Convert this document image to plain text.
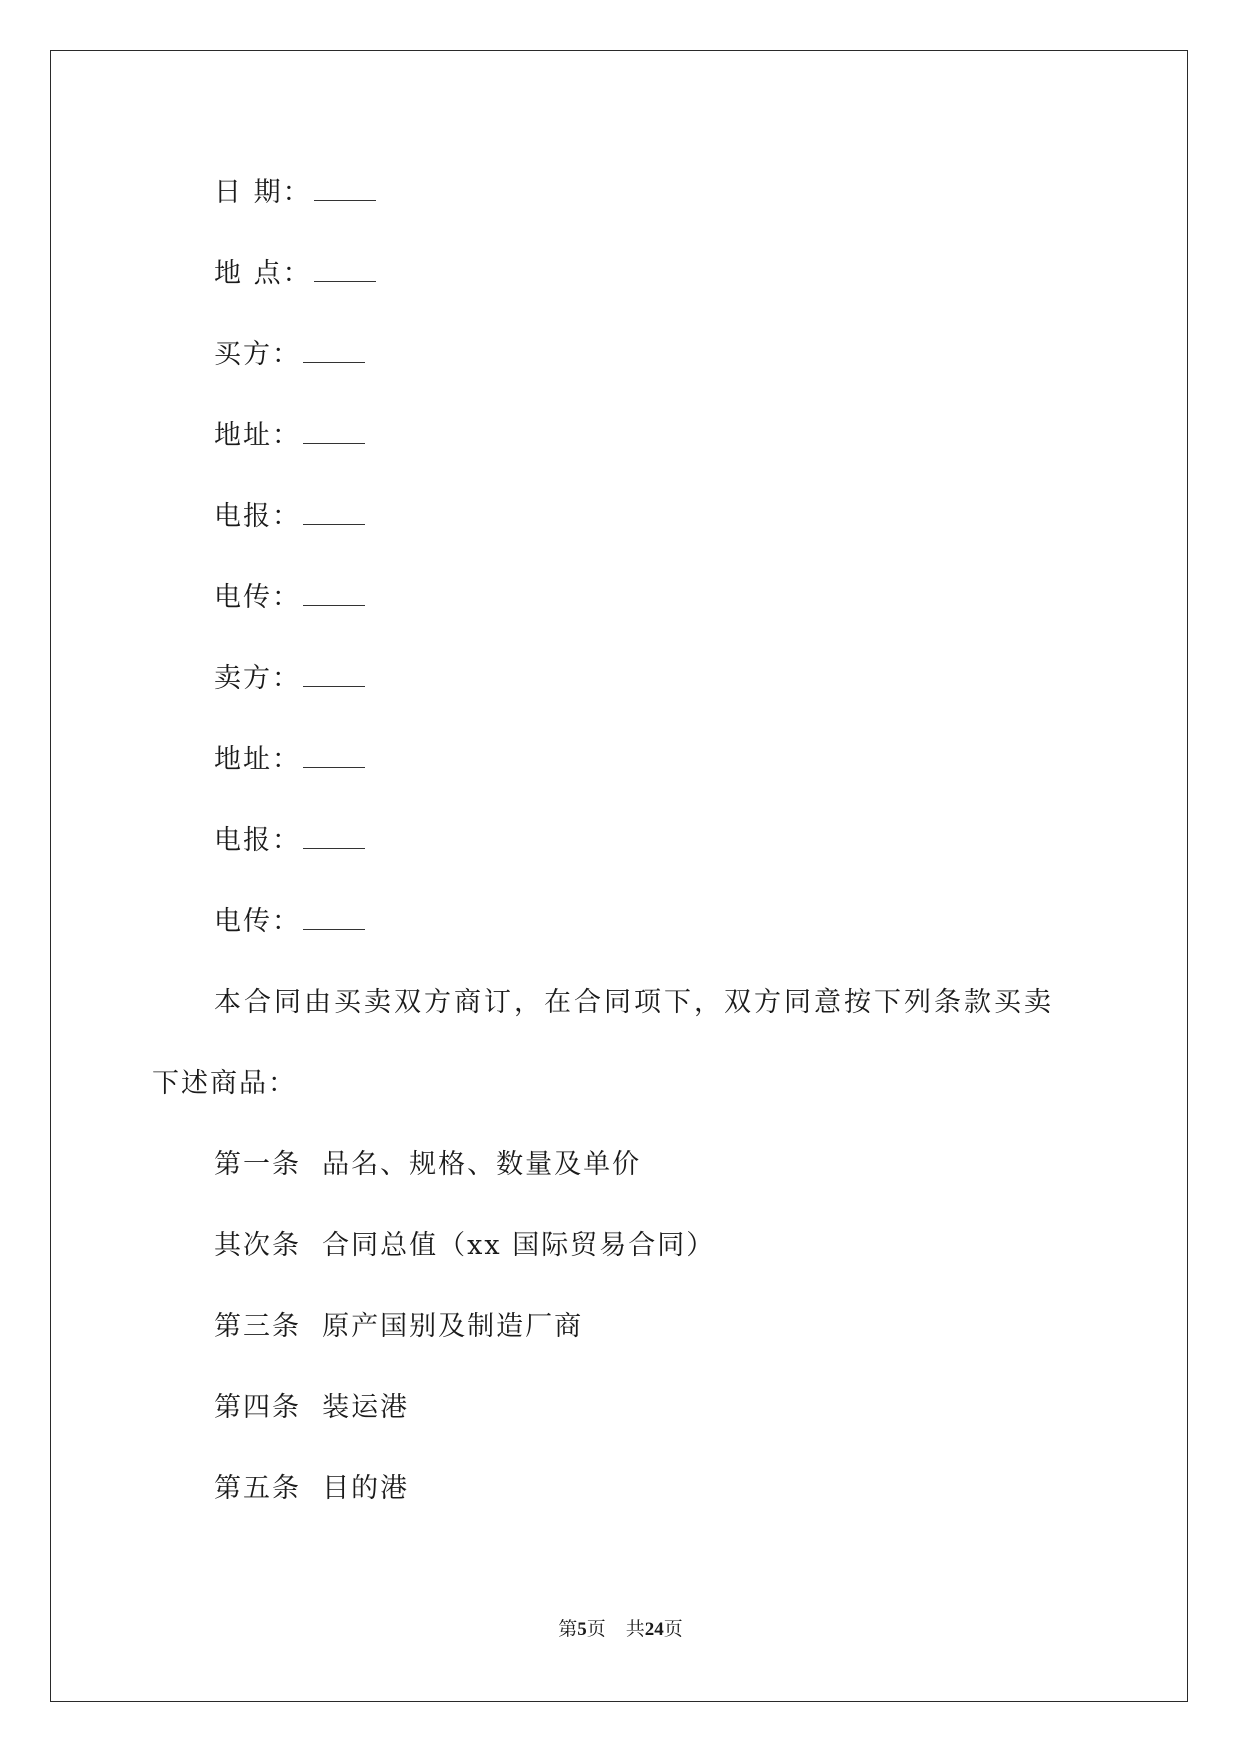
日 期：
地 点：
买方：
地址：
电报：
电传：
卖方：
地址：
电报：
电传：
本合同由买卖双方商订，在合同项下，双方同意按下列条款买卖
下述商品：
第一条  品名、规格、数量及单价
其次条  合同总值（xx 国际贸易合同）
第三条  原产国别及制造厂商
第四条  装运港
第五条  目的港
第5页 共24页
